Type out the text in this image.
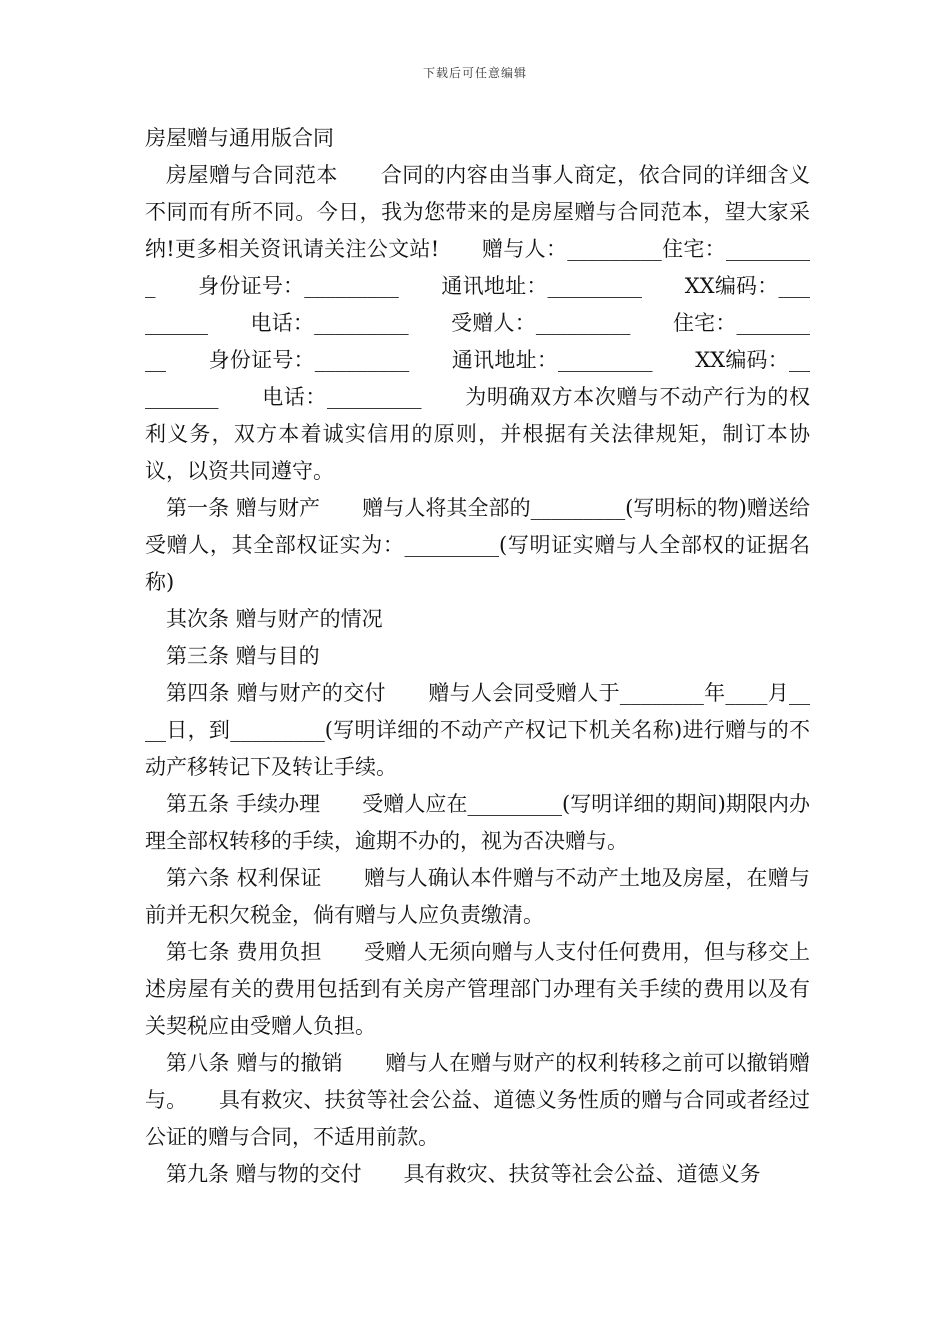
下载后可任意编辑

房屋赠与通用版合同

房屋赠与合同范本　　合同的内容由当事人商定，依合同的详细含义不同而有所不同。今日，我为您带来的是房屋赠与合同范本，望大家采纳!更多相关资讯请关注公文站!　　赠与人：_________住宅：_________　　身份证号：_________　　通讯地址：_________　　XX编码：_________　　电话：_________　　受赠人：_________　　住宅：_________　　身份证号：_________　　通讯地址：_________　　XX编码：_________　　电话：_________　　为明确双方本次赠与不动产行为的权利义务，双方本着诚实信用的原则，并根据有关法律规矩，制订本协议，以资共同遵守。

第一条 赠与财产　　赠与人将其全部的_________(写明标的物)赠送给受赠人，其全部权证实为：_________(写明证实赠与人全部权的证据名称)

其次条 赠与财产的情况

第三条 赠与目的

第四条 赠与财产的交付　　赠与人会同受赠人于________年____月____日，到_________(写明详细的不动产产权记下机关名称)进行赠与的不动产移转记下及转让手续。

第五条 手续办理　　受赠人应在_________(写明详细的期间)期限内办理全部权转移的手续，逾期不办的，视为否决赠与。

第六条 权利保证　　赠与人确认本件赠与不动产土地及房屋，在赠与前并无积欠税金，倘有赠与人应负责缴清。

第七条 费用负担　　受赠人无须向赠与人支付任何费用，但与移交上述房屋有关的费用包括到有关房产管理部门办理有关手续的费用以及有关契税应由受赠人负担。

第八条 赠与的撤销　　赠与人在赠与财产的权利转移之前可以撤销赠与。　　具有救灾、扶贫等社会公益、道德义务性质的赠与合同或者经过公证的赠与合同，不适用前款。

第九条 赠与物的交付　　具有救灾、扶贫等社会公益、道德义务
